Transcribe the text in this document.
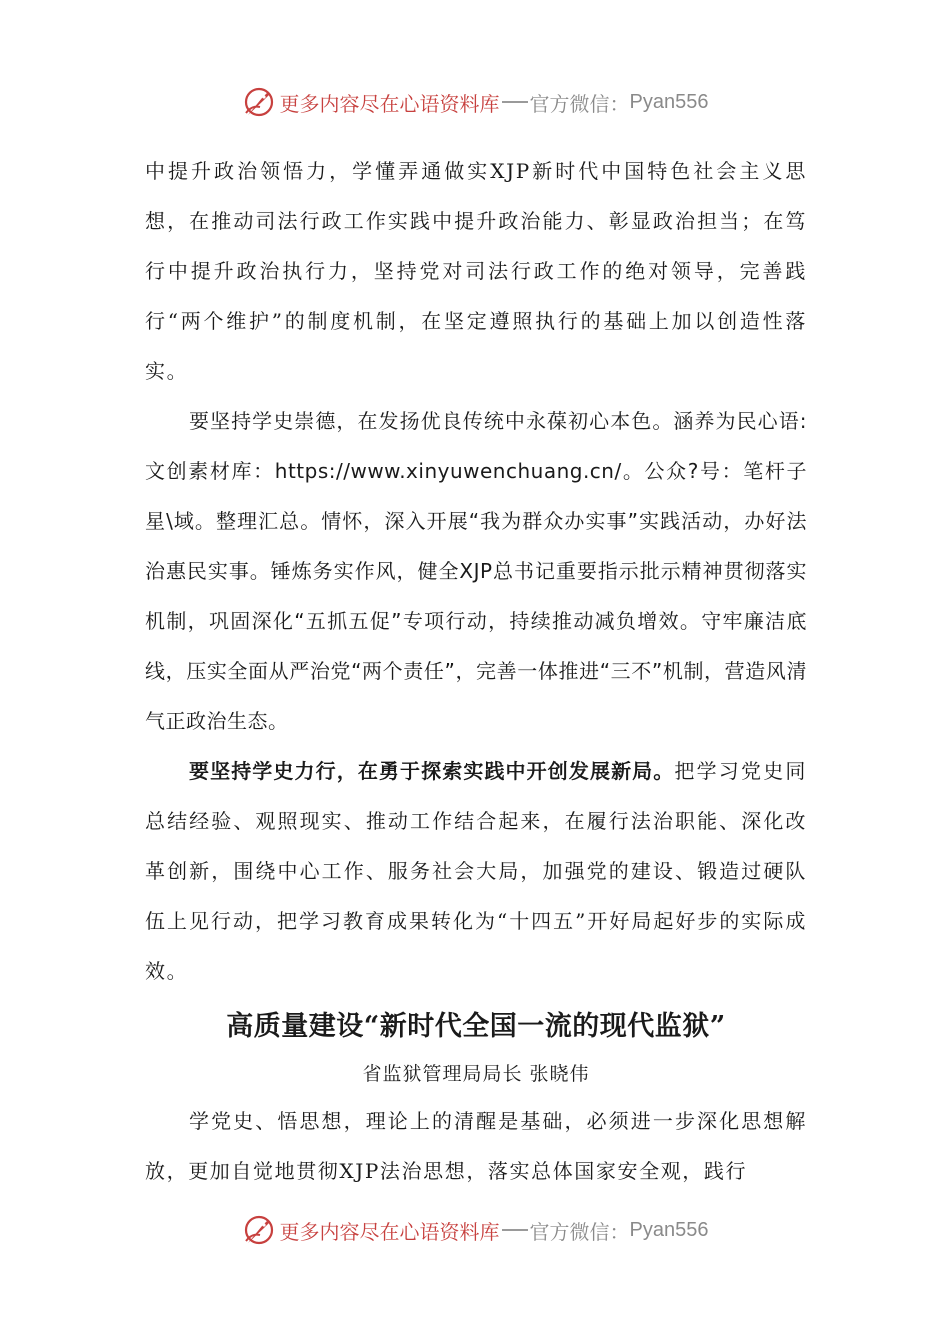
更多内容尽在心语资料库 官方微信： Pyan556

中提升政治领悟力，学懂弄通做实XJP新时代中国特色社会主义思想，在推动司法行政工作实践中提升政治能力、彰显政治担当；在笃行中提升政治执行力，坚持党对司法行政工作的绝对领导，完善践行“两个维护”的制度机制，在坚定遵照执行的基础上加以创造性落实。

要坚持学史崇德，在发扬优良传统中永葆初心本色。涵养为民心语:文创素材库：https://www.xinyuwenchuang.cn/。公众?号：笔杆子星\域。整理汇总。情怀，深入开展“我为群众办实事”实践活动，办好法治惠民实事。锤炼务实作风，健全XJP总书记重要指示批示精神贯彻落实机制，巩固深化“五抓五促”专项行动，持续推动减负增效。守牢廉洁底线，压实全面从严治党“两个责任”，完善一体推进“三不”机制，营造风清气正政治生态。

要坚持学史力行，在勇于探索实践中开创发展新局。把学习党史同总结经验、观照现实、推动工作结合起来，在履行法治职能、深化改革创新，围绕中心工作、服务社会大局，加强党的建设、锻造过硬队伍上见行动，把学习教育成果转化为“十四五”开好局起好步的实际成效。

高质量建设“新时代全国一流的现代监狱”

省监狱管理局局长 张晓伟

学党史、悟思想，理论上的清醒是基础，必须进一步深化思想解放，更加自觉地贯彻XJP法治思想，落实总体国家安全观，践行

更多内容尽在心语资料库 官方微信： Pyan556
